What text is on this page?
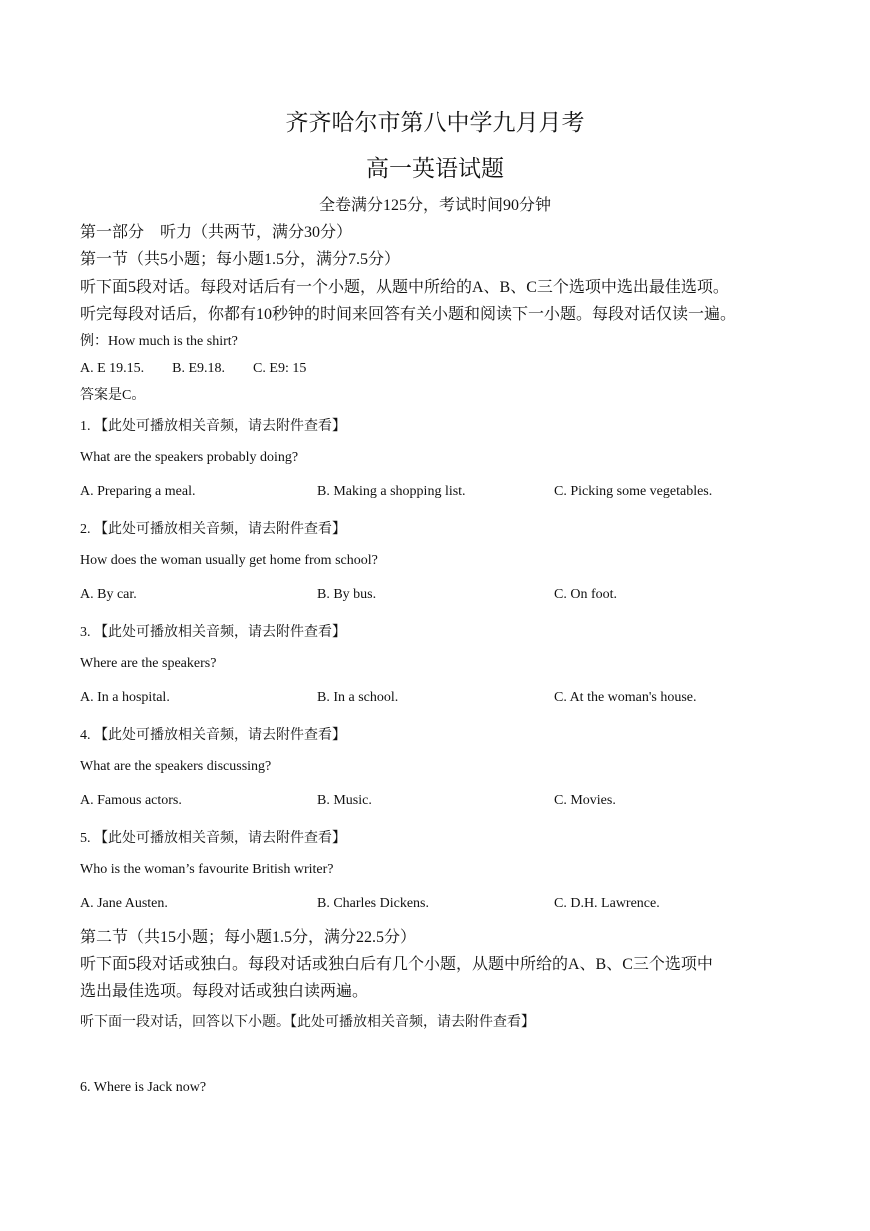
齐齐哈尔市第八中学九月月考
高一英语试题
全卷满分125分，考试时间90分钟
第一部分　听力（共两节，满分30分）
第一节（共5小题；每小题1.5分，满分7.5分）
听下面5段对话。每段对话后有一个小题，从题中所给的A、B、C三个选项中选出最佳选项。
听完每段对话后，你都有10秒钟的时间来回答有关小题和阅读下一小题。每段对话仅读一遍。
例：How much is the shirt?
A. E 19.15.　　B. E9.18.　　C. E9: 15
答案是C。
1. 【此处可播放相关音频，请去附件查看】
What are the speakers probably doing?
A. Preparing a meal.	B. Making a shopping list.	C. Picking some vegetables.
2. 【此处可播放相关音频，请去附件查看】
How does the woman usually get home from school?
A. By car.	B. By bus.	C. On foot.
3. 【此处可播放相关音频，请去附件查看】
Where are the speakers?
A. In a hospital.	B. In a school.	C. At the woman's house.
4. 【此处可播放相关音频，请去附件查看】
What are the speakers discussing?
A. Famous actors.	B. Music.	C. Movies.
5. 【此处可播放相关音频，请去附件查看】
Who is the woman’s favourite British writer?
A. Jane Austen.	B. Charles Dickens.	C. D.H. Lawrence.
第二节（共15小题；每小题1.5分，满分22.5分）
听下面5段对话或独白。每段对话或独白后有几个小题，从题中所给的A、B、C三个选项中
选出最佳选项。每段对话或独白读两遍。
听下面一段对话，回答以下小题。【此处可播放相关音频，请去附件查看】
6. Where is Jack now?
